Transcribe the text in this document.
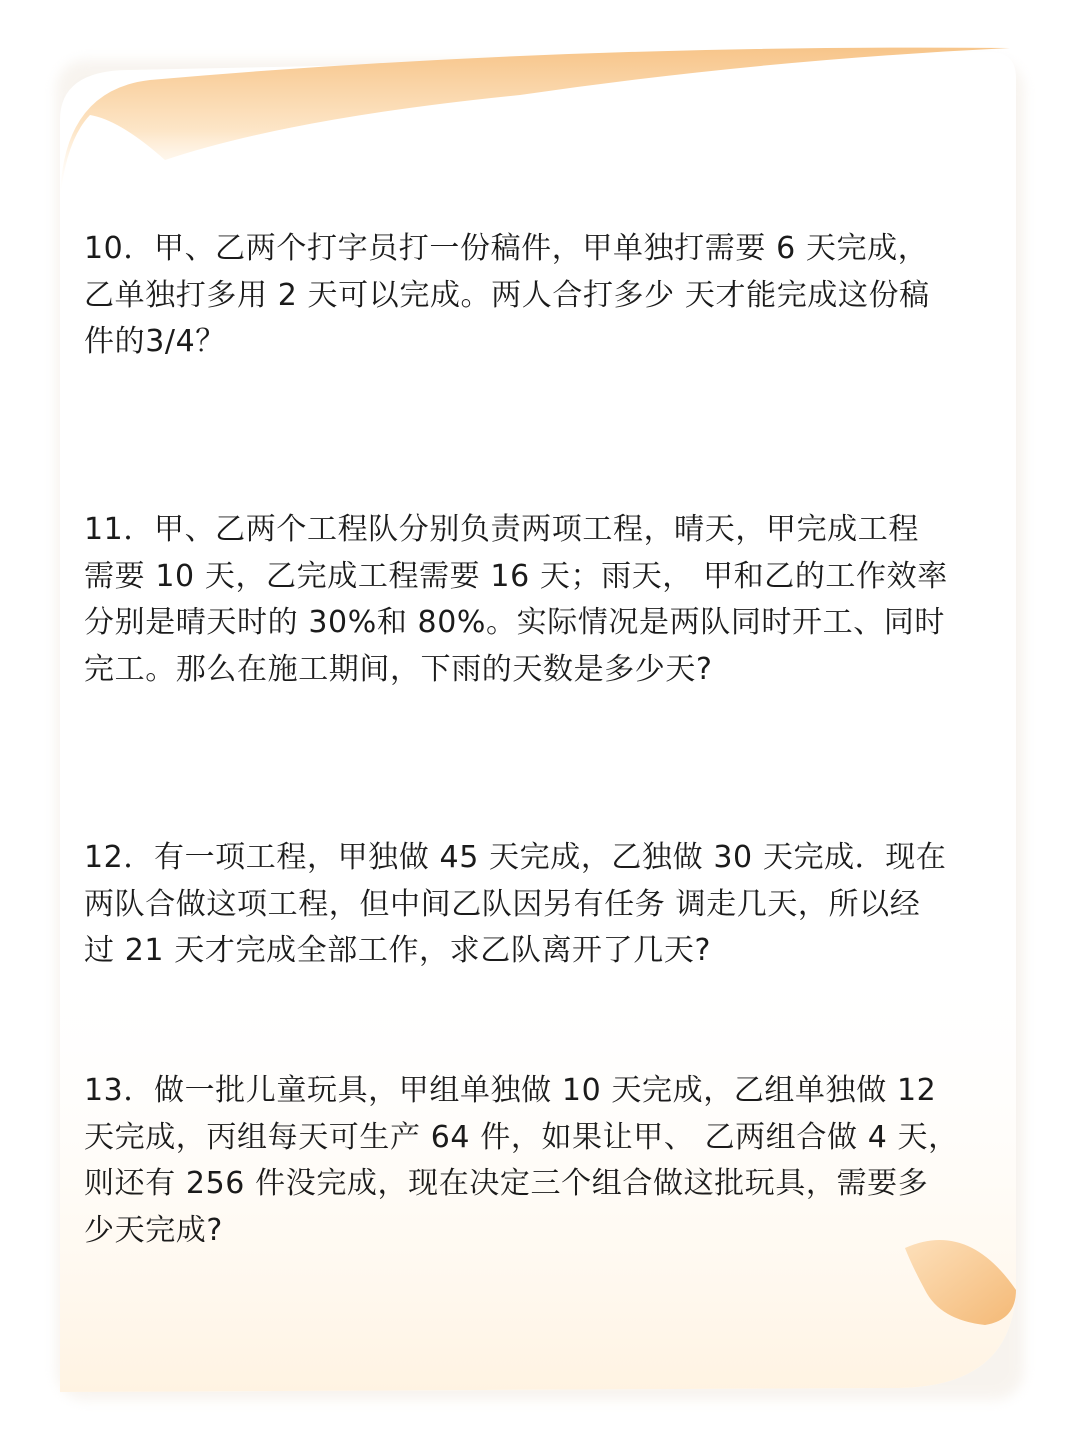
10．甲、乙两个打字员打一份稿件，甲单独打需要 6 天完成，
乙单独打多用 2 天可以完成。两人合打多少 天才能完成这份稿
件的3/4？

11．甲、乙两个工程队分别负责两项工程，晴天，甲完成工程
需要 10 天，乙完成工程需要 16 天；雨天， 甲和乙的工作效率
分别是晴天时的 30%和 80%。实际情况是两队同时开工、同时
完工。那么在施工期间，下雨的天数是多少天?

12．有一项工程，甲独做 45 天完成，乙独做 30 天完成．现在
两队合做这项工程，但中间乙队因另有任务 调走几天，所以经
过 21 天才完成全部工作，求乙队离开了几天?

13．做一批儿童玩具，甲组单独做 10 天完成，乙组单独做 12
天完成，丙组每天可生产 64 件，如果让甲、 乙两组合做 4 天，
则还有 256 件没完成，现在决定三个组合做这批玩具，需要多
少天完成?
